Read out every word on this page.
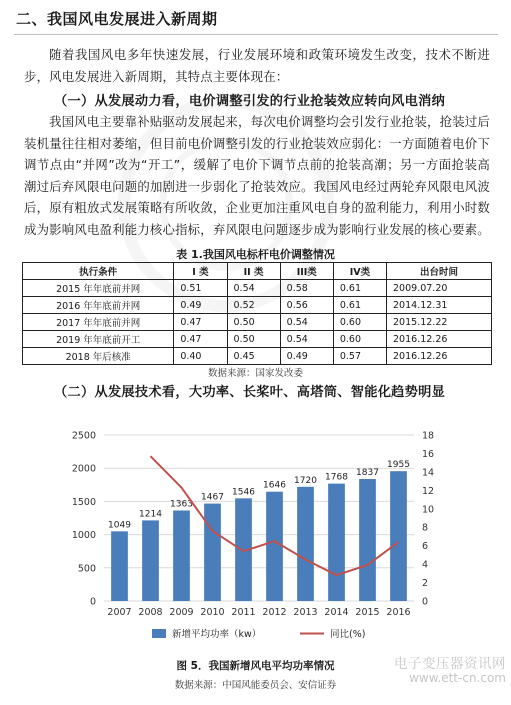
二、我国风电发展进入新周期
随着我国风电多年快速发展，行业发展环境和政策环境发生改变，技术不断进步，风电发展进入新周期，其特点主要体现在：
（一）从发展动力看，电价调整引发的行业抢装效应转向风电消纳
我国风电主要靠补贴驱动发展起来，每次电价调整均会引发行业抢装，抢装过后装机量往往相对萎缩，但目前电价调整引发的行业抢装效应弱化：一方面随着电价下调节点由“并网”改为“开工”，缓解了电价下调节点前的抢装高潮；另一方面抢装高潮过后弃风限电问题的加剧进一步弱化了抢装效应。我国风电经过两轮弃风限电风波后，原有粗放式发展策略有所收敛，企业更加注重风电自身的盈利能力，利用小时数成为影响风电盈利能力核心指标，弃风限电问题逐步成为影响行业发展的核心要素。
表 1.我国风电标杆电价调整情况
执行条件	I 类	II 类	III类	IV类	出台时间
2015 年年底前并网	0.51	0.54	0.58	0.61	2009.07.20
2016 年年底前并网	0.49	0.52	0.56	0.61	2014.12.31
2017 年年底前并网	0.47	0.50	0.54	0.60	2015.12.22
2019 年年底前开工	0.47	0.50	0.54	0.60	2016.12.26
2018 年后核准	0.40	0.45	0.49	0.57	2016.12.26
数据来源：国家发改委
（二）从发展技术看，大功率、长桨叶、高塔筒、智能化趋势明显
0
500
1000
1500
2000
2500
0
2
4
6
8
10
12
14
16
18
1049
2007
1214
2008
1363
2009
1467
2010
1546
2011
1646
2012
1720
2013
1768
2014
1837
2015
1955
2016
新增平均功率（kw）	同比(%)
图 5．我国新增风电平均功率情况
数据来源：中国风能委员会、安信证券
电子变压器资讯网
www.ett-cn.com
